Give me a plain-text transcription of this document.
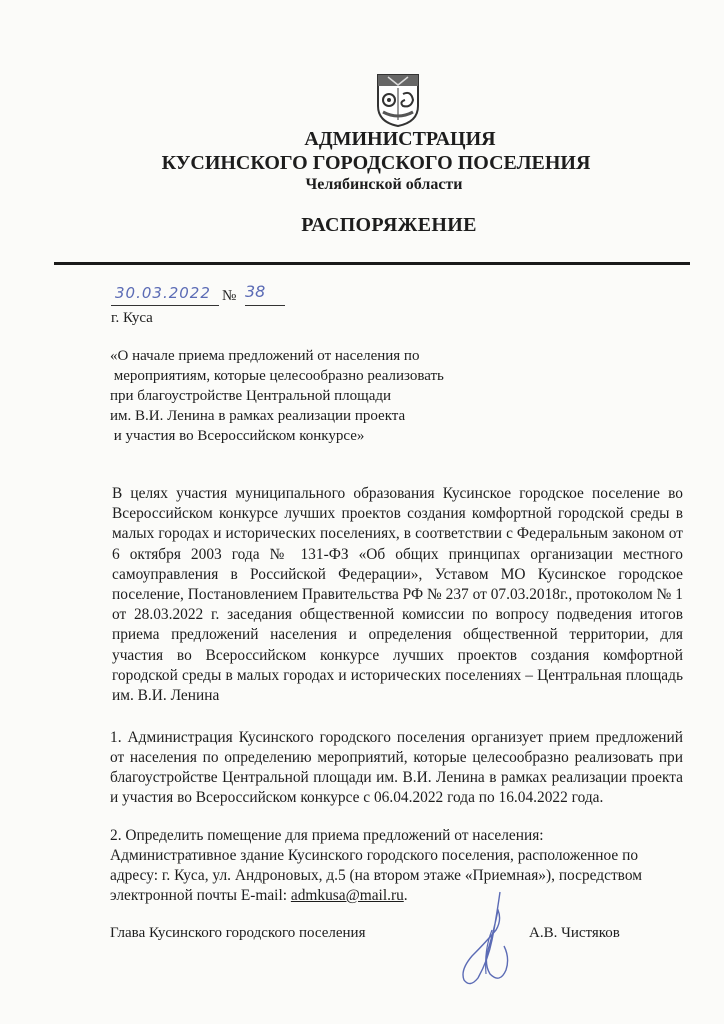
АДМИНИСТРАЦИЯ
КУСИНСКОГО ГОРОДСКОГО ПОСЕЛЕНИЯ
Челябинской области
РАСПОРЯЖЕНИЕ
30.03.2022 № 38
г. Куса
«О начале приема предложений от населения по
мероприятиям, которые целесообразно реализовать
при благоустройстве Центральной площади
им. В.И. Ленина в рамках реализации проекта
и участия во Всероссийском конкурсе»
В целях участия муниципального образования Кусинское городское поселение во Всероссийском конкурсе лучших проектов создания комфортной городской среды в малых городах и исторических поселениях, в соответствии с Федеральным законом от 6 октября 2003 года № 131-ФЗ «Об общих принципах организации местного самоуправления в Российской Федерации», Уставом МО Кусинское городское поселение, Постановлением Правительства РФ № 237 от 07.03.2018г., протоколом № 1 от 28.03.2022 г. заседания общественной комиссии по вопросу подведения итогов приема предложений населения и определения общественной территории, для участия во Всероссийском конкурсе лучших проектов создания комфортной городской среды в малых городах и исторических поселениях – Центральная площадь им. В.И. Ленина
1. Администрация Кусинского городского поселения организует прием предложений от населения по определению мероприятий, которые целесообразно реализовать при благоустройстве Центральной площади им. В.И. Ленина в рамках реализации проекта и участия во Всероссийском конкурсе с 06.04.2022 года по 16.04.2022 года.
2. Определить помещение для приема предложений от населения:
Административное здание Кусинского городского поселения, расположенное по адресу: г. Куса, ул. Андроновых, д.5 (на втором этаже «Приемная»), посредством электронной почты E-mail: admkusa@mail.ru.
Глава Кусинского городского поселения	А.В. Чистяков
